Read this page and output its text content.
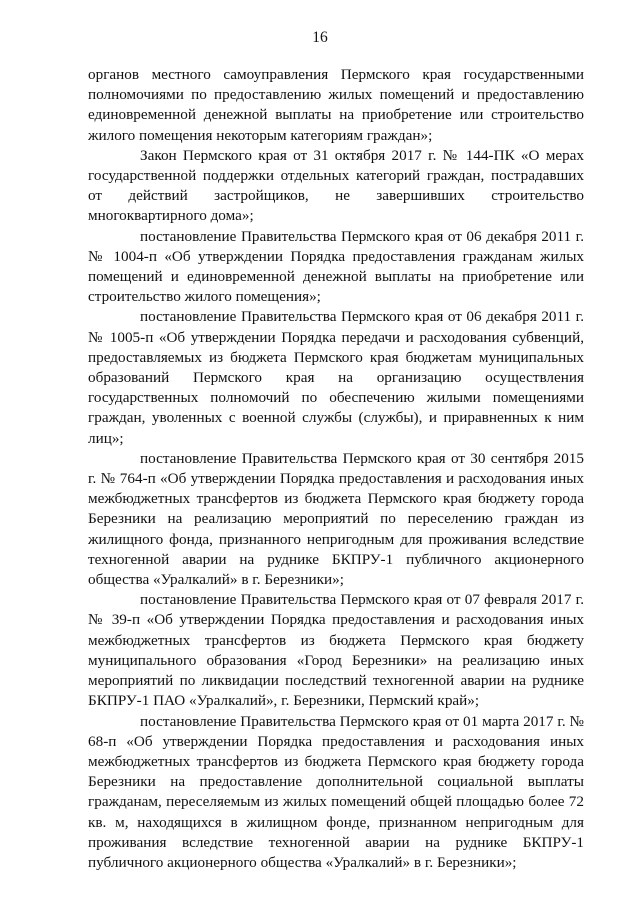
16

органов местного самоуправления Пермского края государственными полномочиями по предоставлению жилых помещений и предоставлению единовременной денежной выплаты на приобретение или строительство жилого помещения некоторым категориям граждан»;

Закон Пермского края от 31 октября 2017 г. № 144-ПК «О мерах государственной поддержки отдельных категорий граждан, пострадавших от действий застройщиков, не завершивших строительство многоквартирного дома»;

постановление Правительства Пермского края от 06 декабря 2011 г. № 1004-п «Об утверждении Порядка предоставления гражданам жилых помещений и единовременной денежной выплаты на приобретение или строительство жилого помещения»;

постановление Правительства Пермского края от 06 декабря 2011 г. № 1005-п «Об утверждении Порядка передачи и расходования субвенций, предоставляемых из бюджета Пермского края бюджетам муниципальных образований Пермского края на организацию осуществления государственных полномочий по обеспечению жилыми помещениями граждан, уволенных с военной службы (службы), и приравненных к ним лиц»;

постановление Правительства Пермского края от 30 сентября 2015 г. № 764-п «Об утверждении Порядка предоставления и расходования иных межбюджетных трансфертов из бюджета Пермского края бюджету города Березники на реализацию мероприятий по переселению граждан из жилищного фонда, признанного непригодным для проживания вследствие техногенной аварии на руднике БКПРУ-1 публичного акционерного общества «Уралкалий» в г. Березники»;

постановление Правительства Пермского края от 07 февраля 2017 г. № 39-п «Об утверждении Порядка предоставления и расходования иных межбюджетных трансфертов из бюджета Пермского края бюджету муниципального образования «Город Березники» на реализацию иных мероприятий по ликвидации последствий техногенной аварии на руднике БКПРУ-1 ПАО «Уралкалий», г. Березники, Пермский край»;

постановление Правительства Пермского края от 01 марта 2017 г. № 68-п «Об утверждении Порядка предоставления и расходования иных межбюджетных трансфертов из бюджета Пермского края бюджету города Березники на предоставление дополнительной социальной выплаты гражданам, переселяемым из жилых помещений общей площадью более 72 кв. м, находящихся в жилищном фонде, признанном непригодным для проживания вследствие техногенной аварии на руднике БКПРУ-1 публичного акционерного общества «Уралкалий» в г. Березники»;
